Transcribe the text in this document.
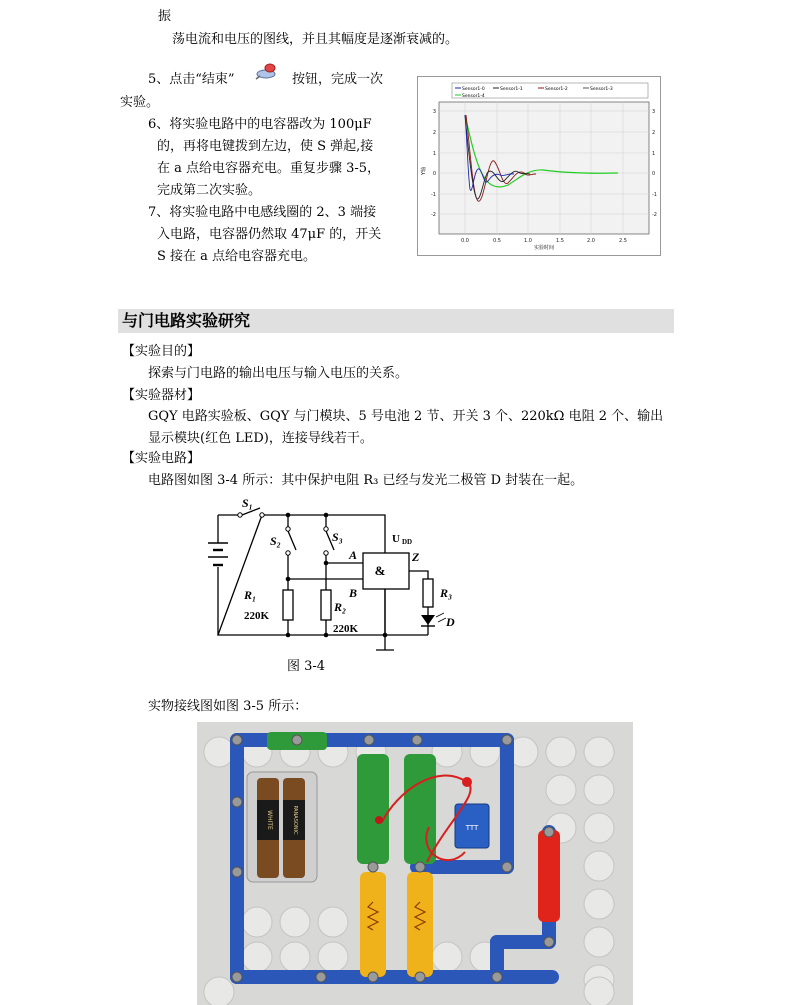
振
荡电流和电压的图线，并且其幅度是逐渐衰减的。
5、点击“结束”	按钮，完成一次
实验。
6、将实验电路中的电容器改为 100μF
的，再将电键拨到左边，使 S 弹起,接
在 a 点给电容器充电。重复步骤 3-5，
完成第二次实验。
7、将实验电路中电感线圈的 2、3 端接
入电路，电容器仍然取 47μF 的，开关
S 接在 a 点给电容器充电。
Sensor1-0	Sensor1-1	Sensor1-2	Sensor1-3
Sensor1-4
3
2
1
0
-1
-2
3
2
1
0
-1
-2
Y轴
0.0	0.5	1.0	1.5	2.0	2.5
实验时间
与门电路实验研究
【实验目的】
探索与门电路的输出电压与输入电压的关系。
【实验器材】
GQY 电路实验板、GQY 与门模块、5 号电池 2 节、开关 3 个、220kΩ 电阻 2 个、输出
显示模块(红色 LED)，连接导线若干。
【实验电路】
电路图如图 3-4 所示：其中保护电阻 R₃ 已经与发光二极管 D 封装在一起。
S₁
S₂	S₃
A
B
Z
R₁
R₂
R₃
D
U DD
&
220K
220K
图 3-4
实物接线图如图 3-5 所示：
WHITE	PANASONIC	TTT
